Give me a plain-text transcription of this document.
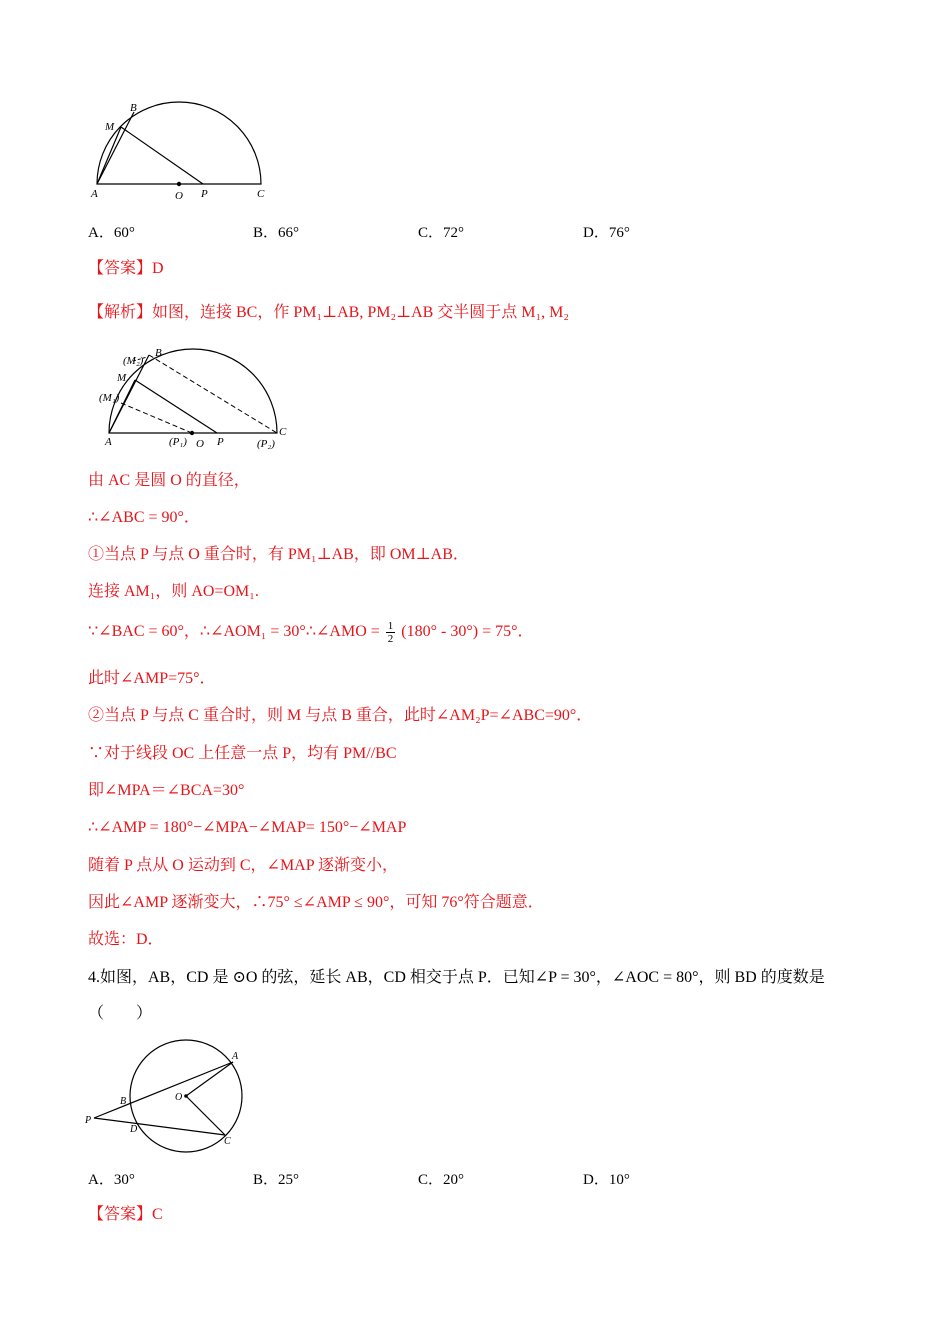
B
M
A	O P	C
A．60°	B．66°	C．72°	D．76°
【答案】D
【解析】如图，连接 BC，作 PM₁⊥AB, PM₂⊥AB 交半圆于点 M₁, M₂
B
(M₂)
M
(M₁)
A	(P₁) O P	(P₂)
C
由 AC 是圆 O 的直径，
∴∠ABC = 90°．
①当点 P 与点 O 重合时，有 PM₁⊥AB，即 OM⊥AB．
连接 AM₁，则 AO=OM₁.
∵∠BAC = 60°，∴∠AOM₁ = 30°∴∠AMO = $\frac{1}{2} (180^\circ - 30^\circ) = 75^\circ$．
此时∠AMP=75°．
②当点 P 与点 C 重合时，则 M 与点 B 重合，此时∠AM₂P=∠ABC=90°．
∵对于线段 OC 上任意一点 P，均有 PM//BC
即∠MPA＝∠BCA=30°
∴∠AMP = 180°−∠MPA−∠MAP= 150°−∠MAP
随着 P 点从 O 运动到 C，∠MAP 逐渐变小，
因此∠AMP 逐渐变大，∴75° ≤∠AMP ≤ 90°，可知 76°符合题意．
故选：D．
4.如图，AB，CD 是 ⊙O 的弦，延长 AB，CD 相交于点 P．已知∠P = 30°，∠AOC = 80°，则 BD 的度数是
（　　）
A
B	O
P
D
C
A．30°	B．25°	C．20°	D．10°
【答案】C
